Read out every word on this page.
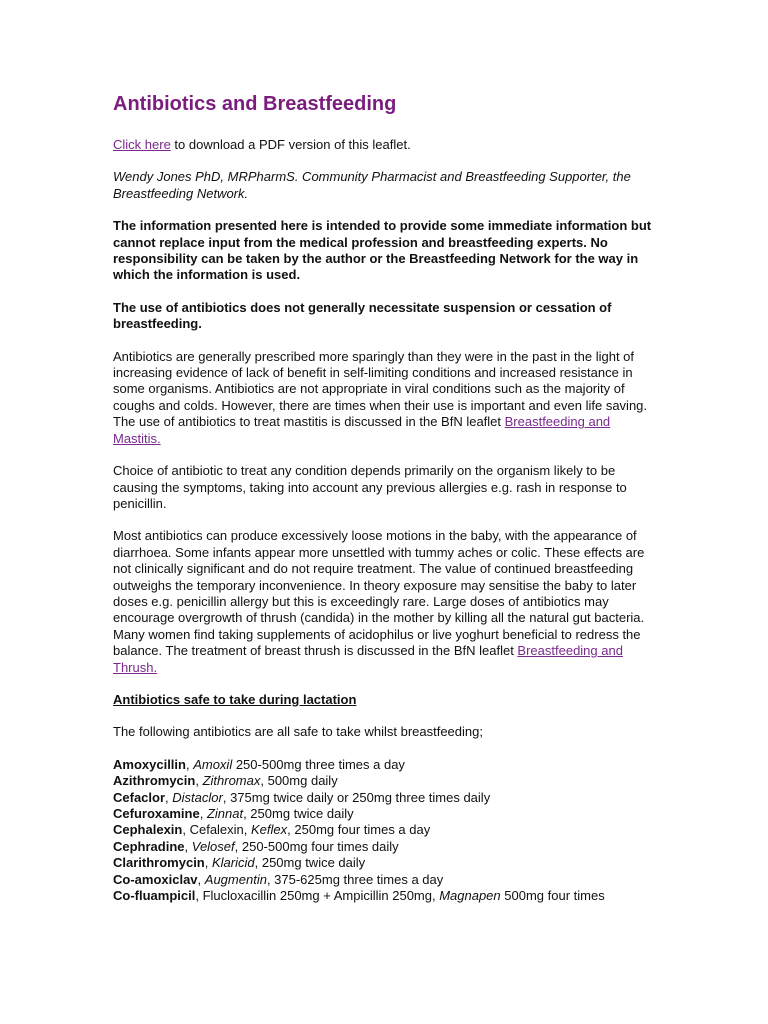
Antibiotics and Breastfeeding

Click here to download a PDF version of this leaflet.

Wendy Jones PhD, MRPharmS. Community Pharmacist and Breastfeeding Supporter, the Breastfeeding Network.

The information presented here is intended to provide some immediate information but cannot replace input from the medical profession and breastfeeding experts. No responsibility can be taken by the author or the Breastfeeding Network for the way in which the information is used.

The use of antibiotics does not generally necessitate suspension or cessation of breastfeeding.

Antibiotics are generally prescribed more sparingly than they were in the past in the light of increasing evidence of lack of benefit in self-limiting conditions and increased resistance in some organisms. Antibiotics are not appropriate in viral conditions such as the majority of coughs and colds. However, there are times when their use is important and even life saving. The use of antibiotics to treat mastitis is discussed in the BfN leaflet Breastfeeding and Mastitis.

Choice of antibiotic to treat any condition depends primarily on the organism likely to be causing the symptoms, taking into account any previous allergies e.g. rash in response to penicillin.

Most antibiotics can produce excessively loose motions in the baby, with the appearance of diarrhoea. Some infants appear more unsettled with tummy aches or colic. These effects are not clinically significant and do not require treatment. The value of continued breastfeeding outweighs the temporary inconvenience. In theory exposure may sensitise the baby to later doses e.g. penicillin allergy but this is exceedingly rare. Large doses of antibiotics may encourage overgrowth of thrush (candida) in the mother by killing all the natural gut bacteria. Many women find taking supplements of acidophilus or live yoghurt beneficial to redress the balance. The treatment of breast thrush is discussed in the BfN leaflet Breastfeeding and Thrush.

Antibiotics safe to take during lactation

The following antibiotics are all safe to take whilst breastfeeding;

Amoxycillin, Amoxil 250-500mg three times a day
Azithromycin, Zithromax, 500mg daily
Cefaclor, Distaclor, 375mg twice daily or 250mg three times daily
Cefuroxamine, Zinnat, 250mg twice daily
Cephalexin, Cefalexin, Keflex, 250mg four times a day
Cephradine, Velosef, 250-500mg four times daily
Clarithromycin, Klaricid, 250mg twice daily
Co-amoxiclav, Augmentin, 375-625mg three times a day
Co-fluampicil, Flucloxacillin 250mg + Ampicillin 250mg, Magnapen 500mg four times
